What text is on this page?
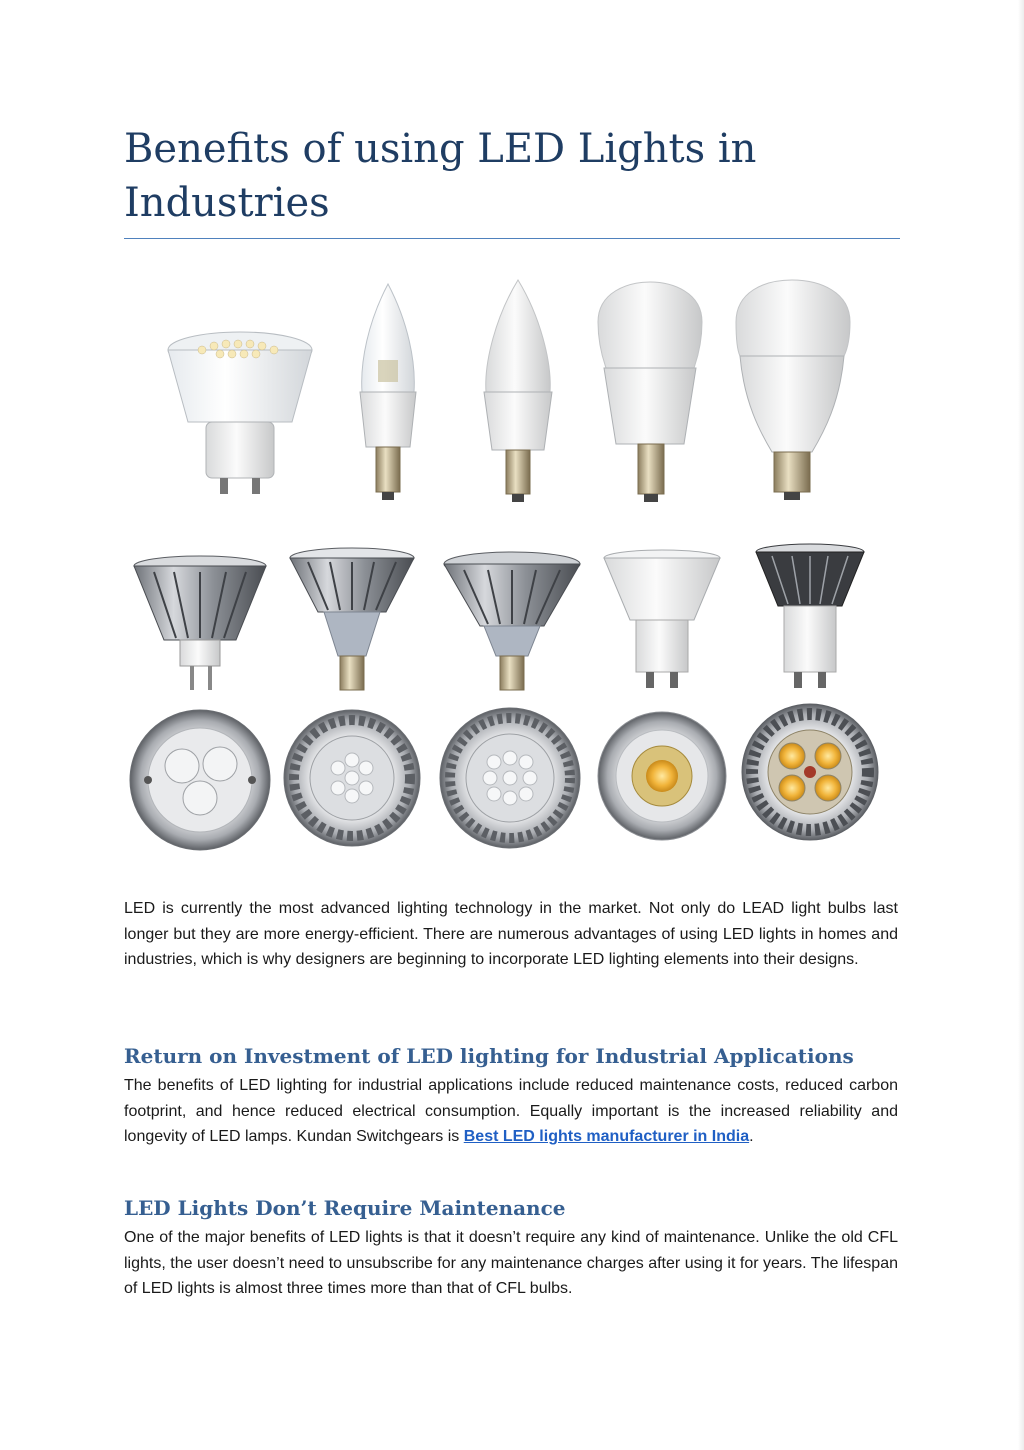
Benefits of using LED Lights in Industries

LED is currently the most advanced lighting technology in the market. Not only do LEAD light bulbs last longer but they are more energy-efficient. There are numerous advantages of using LED lights in homes and industries, which is why designers are beginning to incorporate LED lighting elements into their designs.

Return on Investment of LED lighting for Industrial Applications

The benefits of LED lighting for industrial applications include reduced maintenance costs, reduced carbon footprint, and hence reduced electrical consumption. Equally important is the increased reliability and longevity of LED lamps. Kundan Switchgears is Best LED lights manufacturer in India.

LED Lights Don’t Require Maintenance

One of the major benefits of LED lights is that it doesn’t require any kind of maintenance. Unlike the old CFL lights, the user doesn’t need to unsubscribe for any maintenance charges after using it for years. The lifespan of LED lights is almost three times more than that of CFL bulbs.
